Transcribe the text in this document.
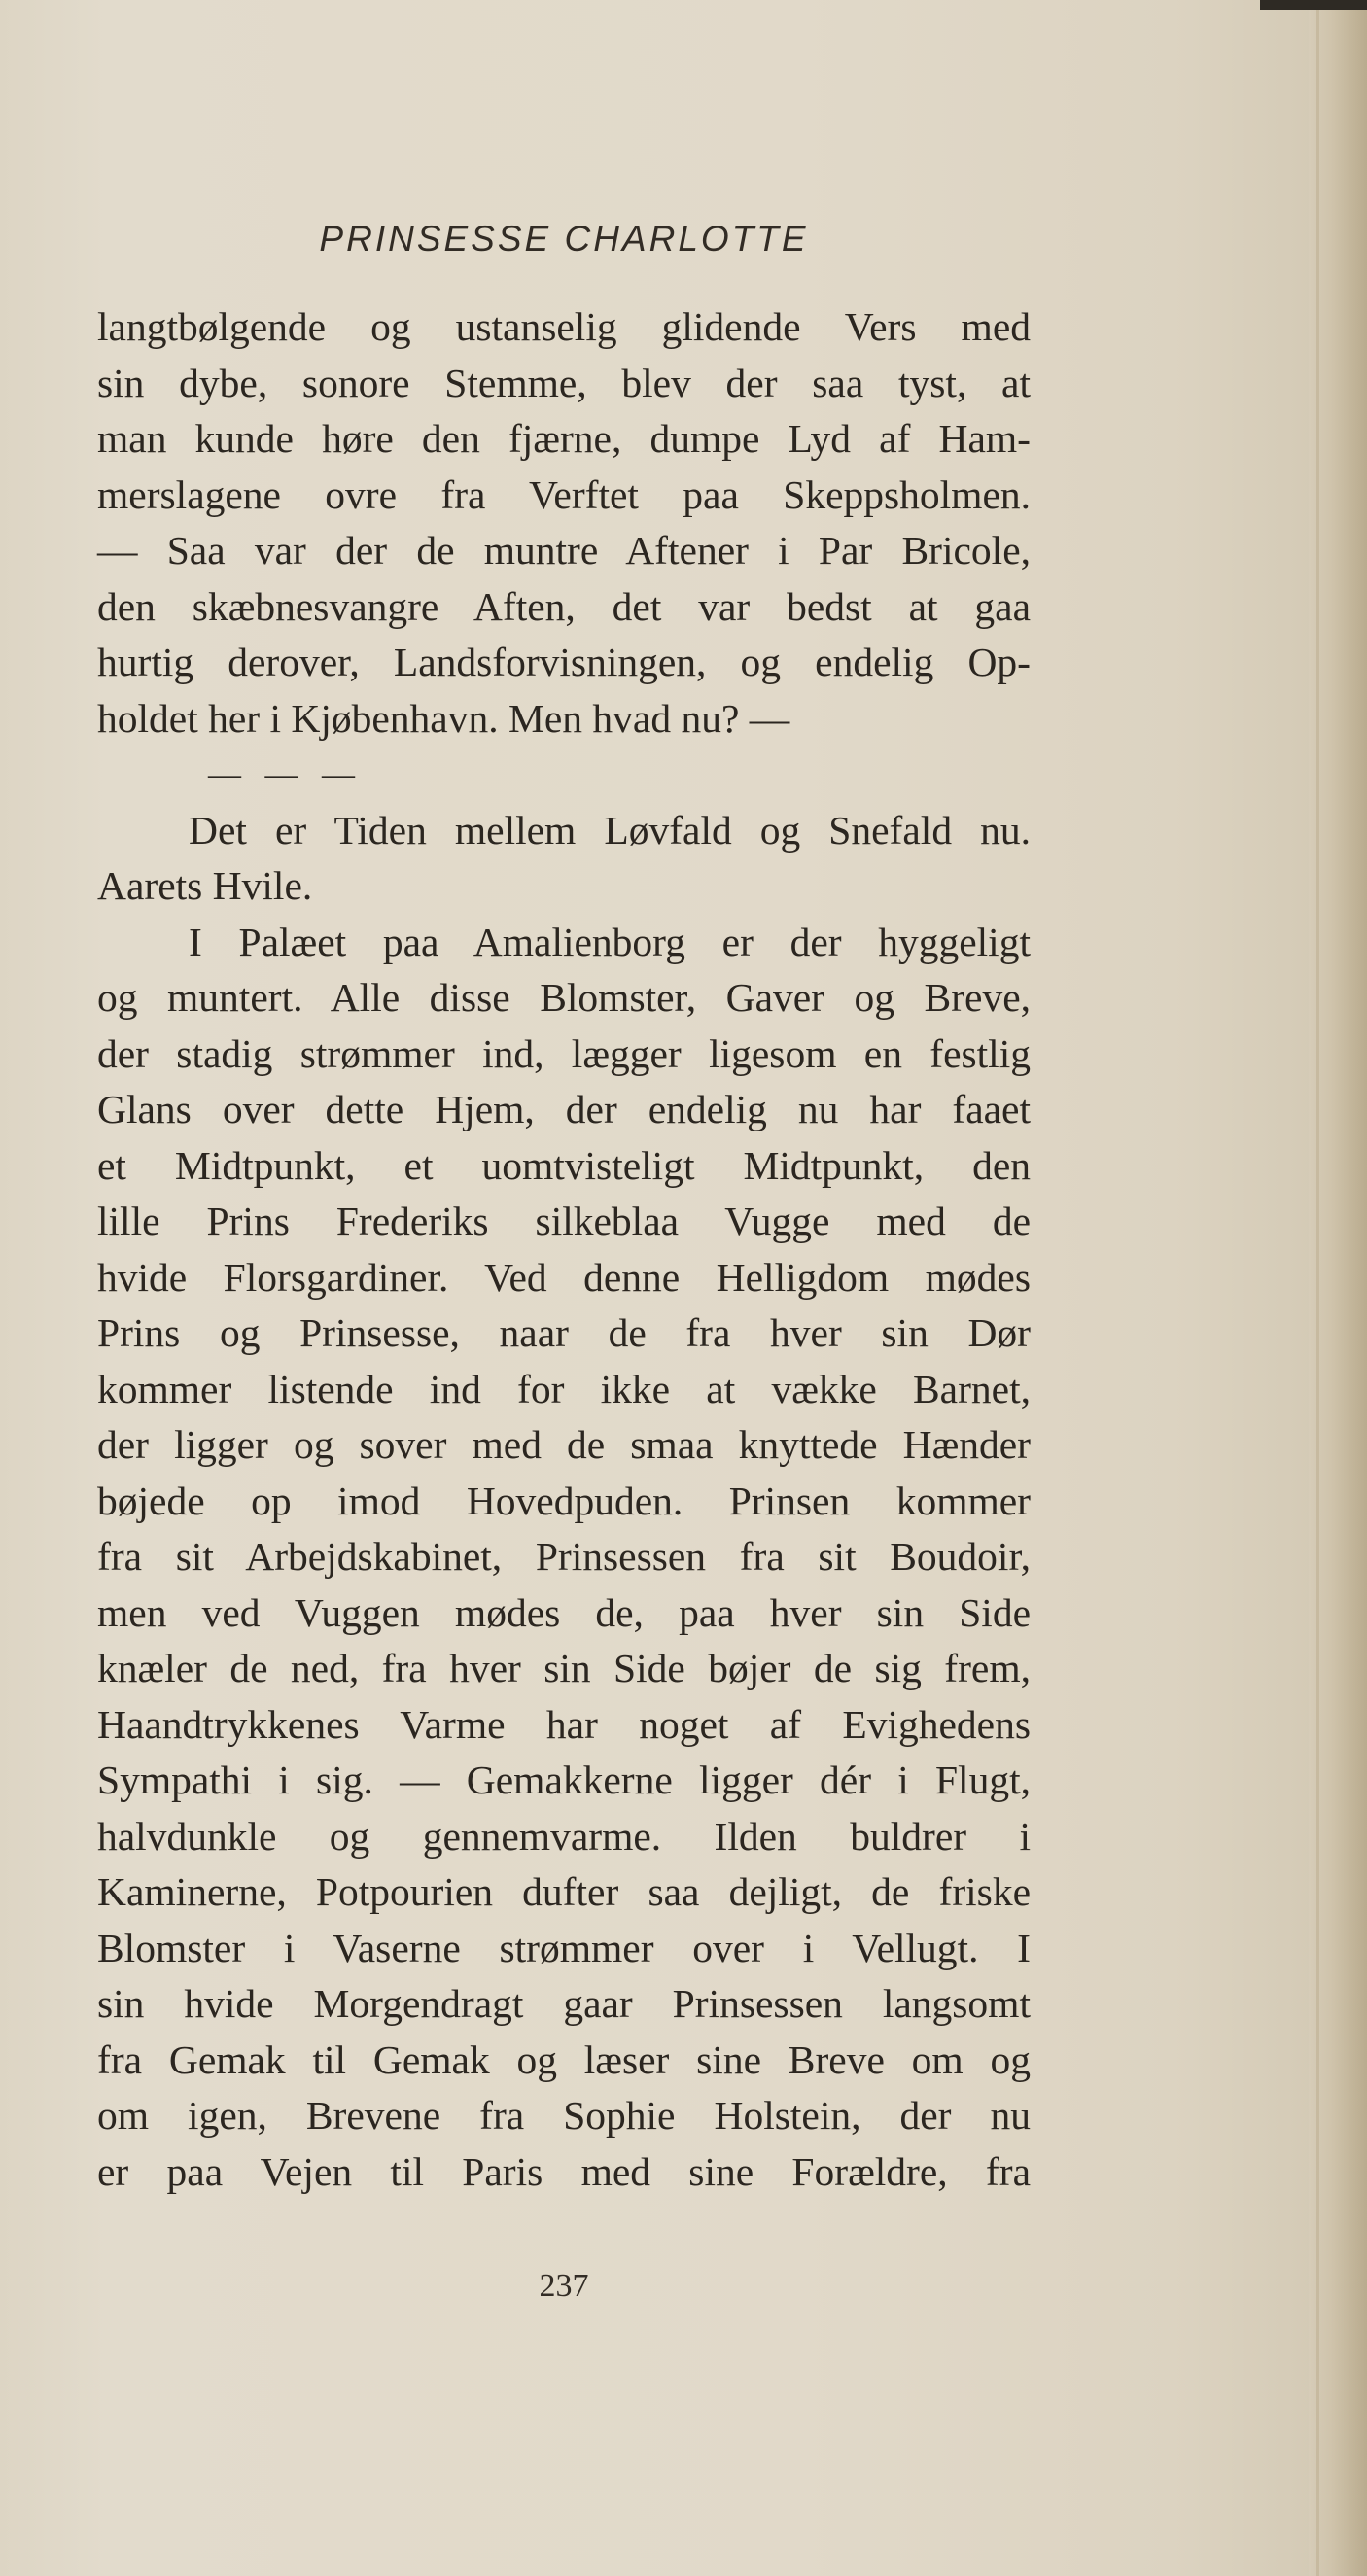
PRINSESSE CHARLOTTE
langtbølgende og ustanselig glidende Vers med
sin dybe, sonore Stemme, blev der saa tyst, at
man kunde høre den fjærne, dumpe Lyd af Ham-
merslagene ovre fra Verftet paa Skeppsholmen.
— Saa var der de muntre Aftener i Par Bricole,
den skæbnesvangre Aften, det var bedst at gaa
hurtig derover, Landsforvisningen, og endelig Op-
holdet her i Kjøbenhavn. Men hvad nu? —
— — —
Det er Tiden mellem Løvfald og Snefald nu.
Aarets Hvile.
I Palæet paa Amalienborg er der hyggeligt
og muntert. Alle disse Blomster, Gaver og Breve,
der stadig strømmer ind, lægger ligesom en festlig
Glans over dette Hjem, der endelig nu har faaet
et Midtpunkt, et uomtvisteligt Midtpunkt, den
lille Prins Frederiks silkeblaa Vugge med de
hvide Florsgardiner. Ved denne Helligdom mødes
Prins og Prinsesse, naar de fra hver sin Dør
kommer listende ind for ikke at vække Barnet,
der ligger og sover med de smaa knyttede Hænder
bøjede op imod Hovedpuden. Prinsen kommer
fra sit Arbejdskabinet, Prinsessen fra sit Boudoir,
men ved Vuggen mødes de, paa hver sin Side
knæler de ned, fra hver sin Side bøjer de sig frem,
Haandtrykkenes Varme har noget af Evighedens
Sympathi i sig. — Gemakkerne ligger dér i Flugt,
halvdunkle og gennemvarme. Ilden buldrer i
Kaminerne, Potpourien dufter saa dejligt, de friske
Blomster i Vaserne strømmer over i Vellugt. I
sin hvide Morgendragt gaar Prinsessen langsomt
fra Gemak til Gemak og læser sine Breve om og
om igen, Brevene fra Sophie Holstein, der nu
er paa Vejen til Paris med sine Forældre, fra
237
